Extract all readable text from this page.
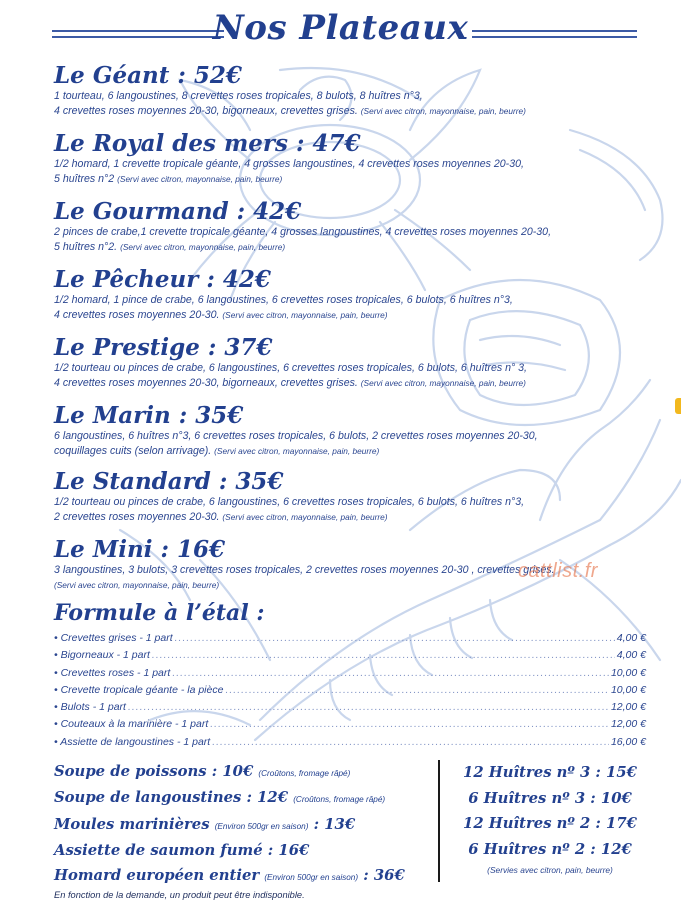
Nos Plateaux
Le Géant : 52€
1 tourteau, 6 langoustines, 8 crevettes roses tropicales, 8 bulots, 8 huîtres n°3,
4 crevettes roses moyennes 20-30, bigorneaux, crevettes grises. (Servi avec citron, mayonnaise, pain, beurre)
Le Royal des mers : 47€
1/2 homard, 1 crevette tropicale géante, 4 grosses langoustines, 4 crevettes roses moyennes 20-30,
5 huîtres n°2 (Servi avec citron, mayonnaise, pain, beurre)
Le Gourmand : 42€
2 pinces de crabe,1 crevette tropicale géante, 4 grosses langoustines, 4 crevettes roses moyennes 20-30,
5 huîtres n°2. (Servi avec citron, mayonnaise, pain, beurre)
Le Pêcheur : 42€
1/2 homard, 1 pince de crabe, 6 langoustines, 6 crevettes roses tropicales, 6 bulots, 6 huîtres n°3,
4 crevettes roses moyennes 20-30. (Servi avec citron, mayonnaise, pain, beurre)
Le Prestige : 37€
1/2 tourteau ou pinces de crabe, 6 langoustines, 6 crevettes roses tropicales, 6 bulots, 6 huîtres n° 3,
4 crevettes roses moyennes 20-30, bigorneaux, crevettes grises. (Servi avec citron, mayonnaise, pain, beurre)
Le Marin : 35€
6 langoustines, 6 huîtres n°3, 6 crevettes roses tropicales, 6 bulots, 2 crevettes roses moyennes 20-30,
coquillages cuits (selon arrivage). (Servi avec citron, mayonnaise, pain, beurre)
Le Standard : 35€
1/2 tourteau ou pinces de crabe, 6 langoustines, 6 crevettes roses tropicales, 6 bulots, 6 huîtres n°3,
2 crevettes roses moyennes 20-30. (Servi avec citron, mayonnaise, pain, beurre)
Le Mini : 16€
3 langoustines, 3 bulots, 3 crevettes roses tropicales, 2 crevettes roses moyennes 20-30 , crevettes grises.
(Servi avec citron, mayonnaise, pain, beurre)
cattlist.fr
Formule à l’étal :
• Crevettes grises - 1 part .....	4,00 €
• Bigorneaux - 1 part .....	4,00 €
• Crevettes roses - 1 part .....	10,00 €
• Crevette tropicale géante - la pièce .....	10,00 €
• Bulots - 1 part .....	12,00 €
• Couteaux à la marinière - 1 part .....	12,00 €
• Assiette de langoustines - 1 part .....	16,00 €
Soupe de poissons : 10€ (Croûtons, fromage râpé)
Soupe de langoustines : 12€ (Croûtons, fromage râpé)
Moules marinières (Environ 500gr en saison) : 13€
Assiette de saumon fumé : 16€
Homard européen entier (Environ 500gr en saison) : 36€
12 Huîtres nº 3 : 15€
6 Huîtres nº 3 : 10€
12 Huîtres nº 2 : 17€
6 Huîtres nº 2 : 12€
(Servies avec citron, pain, beurre)
En fonction de la demande, un produit peut être indisponible.
